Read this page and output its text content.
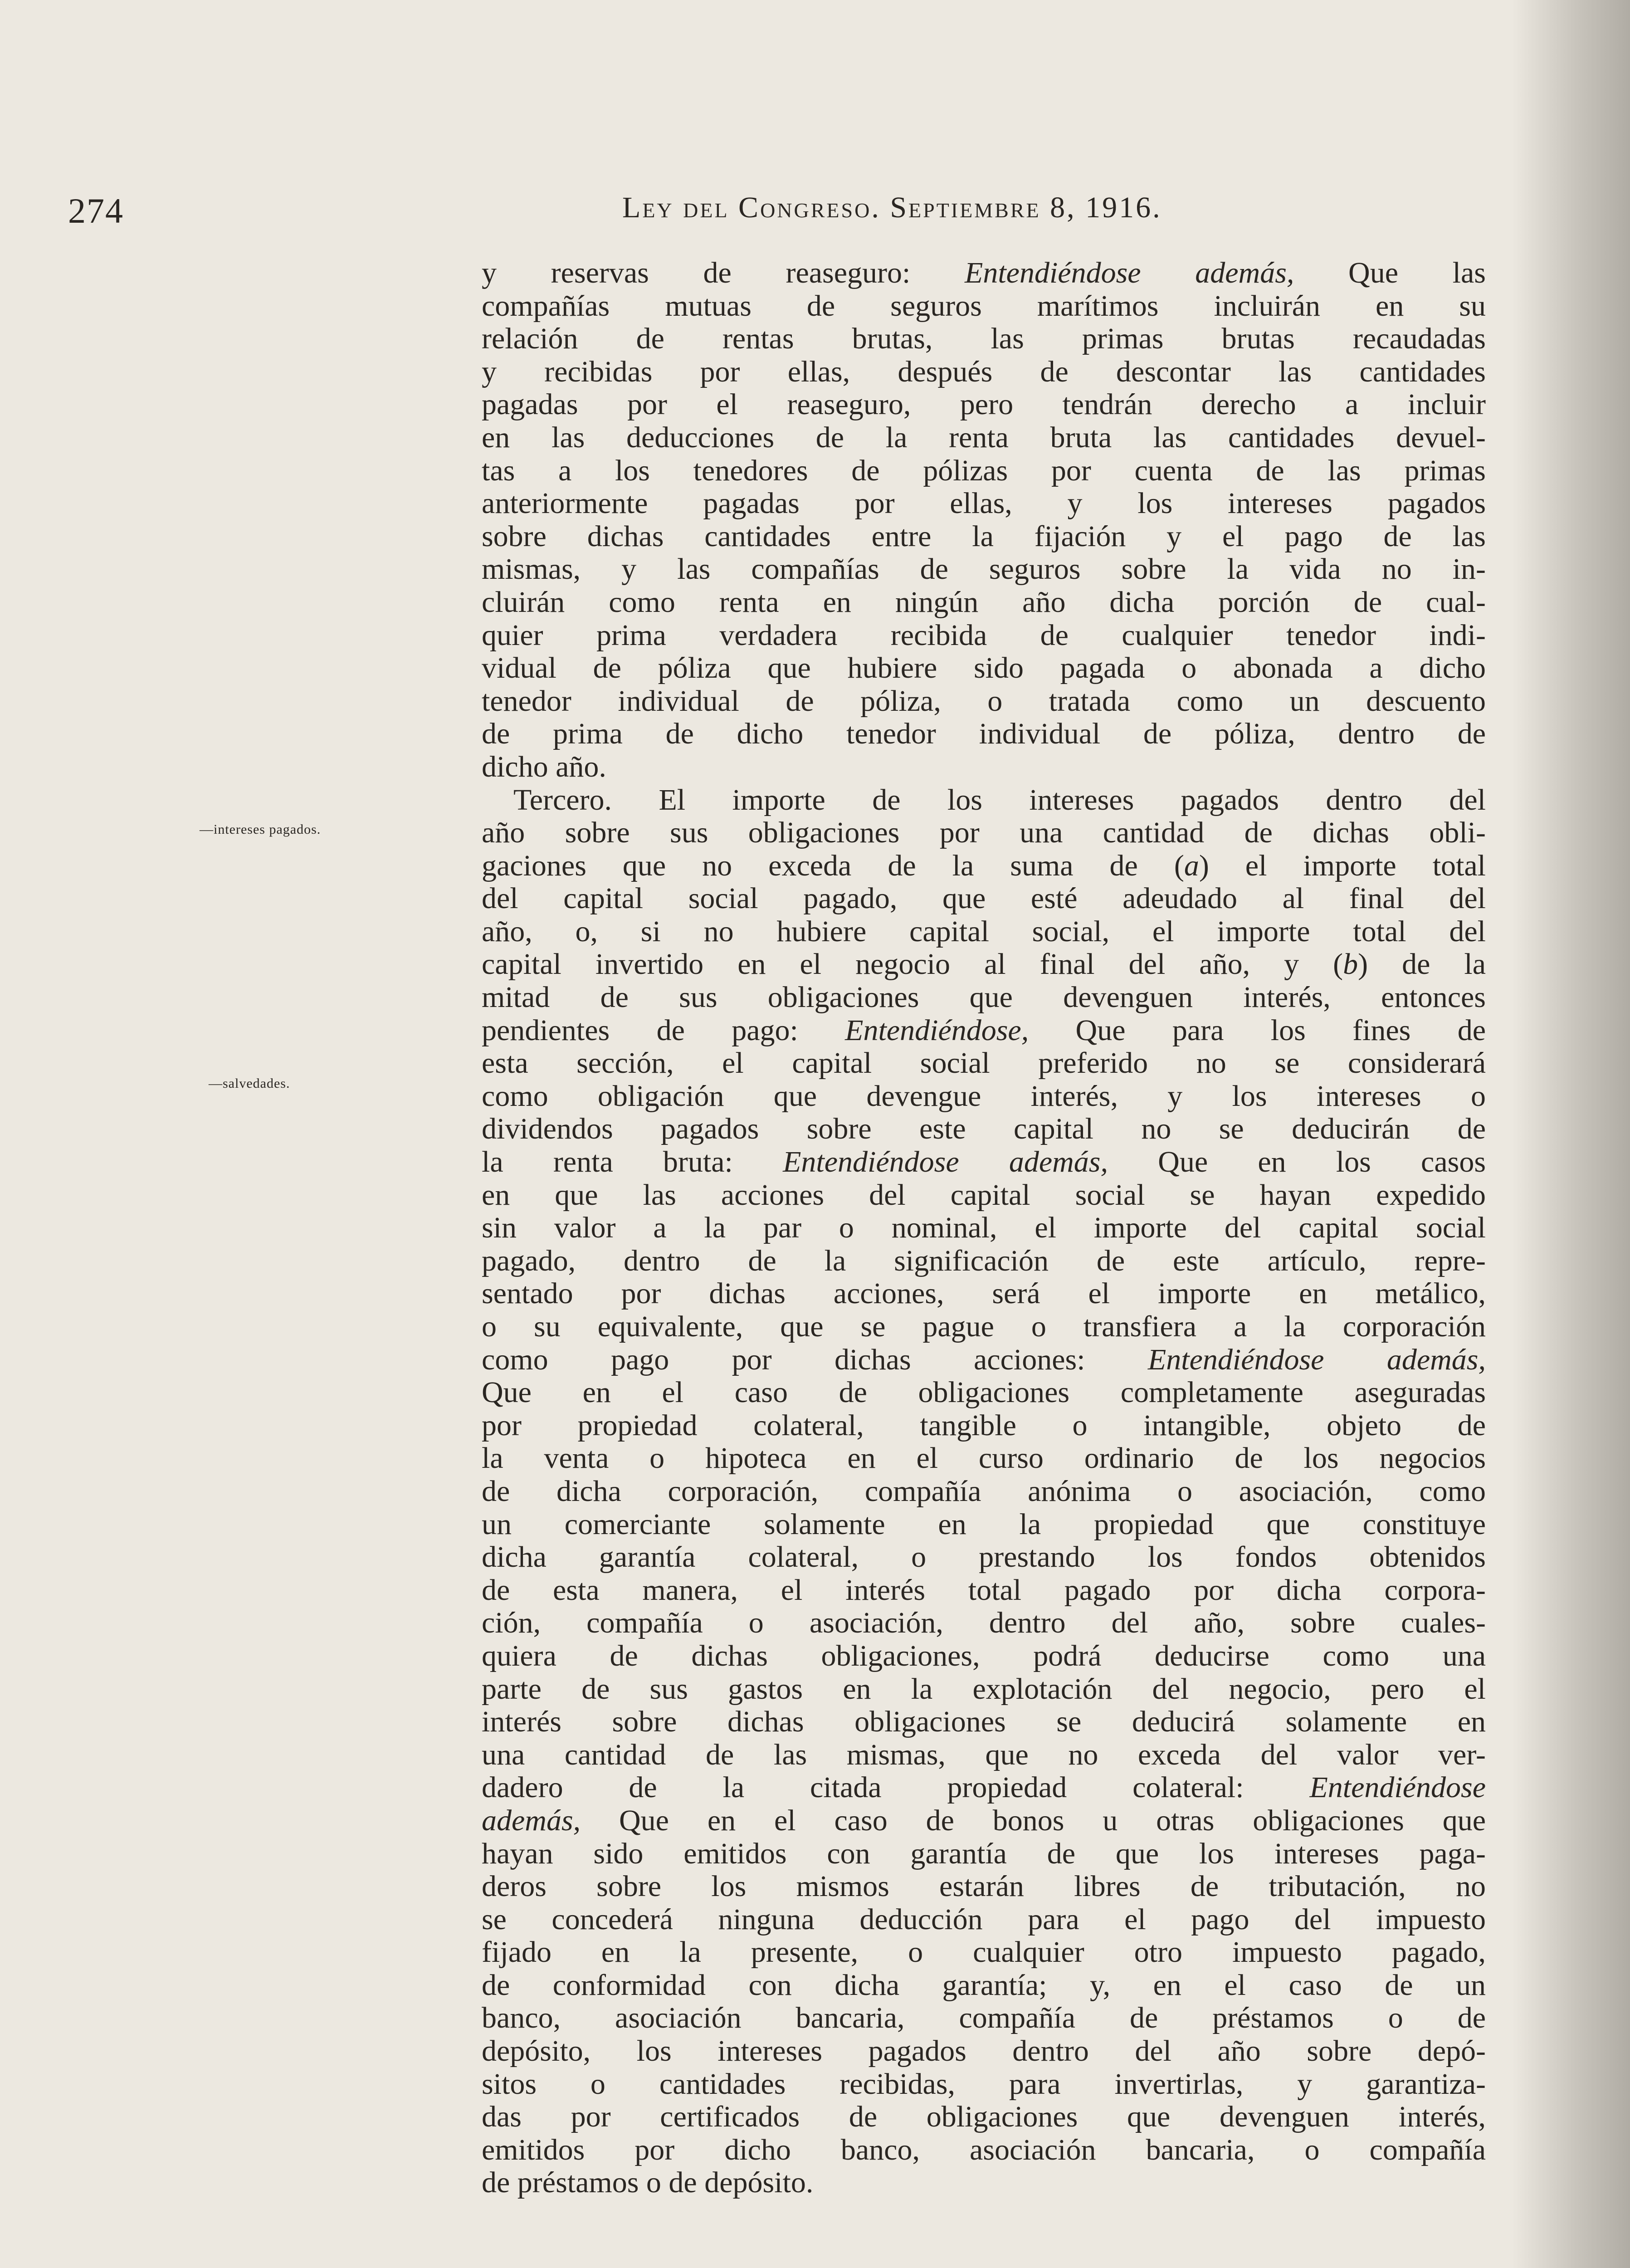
274	Ley del Congreso. Septiembre 8, 1916.
—intereses pagados.
—salvedades.

y reservas de reaseguro: Entendiéndose además, Que las

compañías mutuas de seguros marítimos incluirán en su

relación de rentas brutas, las primas brutas recaudadas

y recibidas por ellas, después de descontar las cantidades

pagadas por el reaseguro, pero tendrán derecho a incluir

en las deducciones de la renta bruta las cantidades devuel-

tas a los tenedores de pólizas por cuenta de las primas

anteriormente pagadas por ellas, y los intereses pagados

sobre dichas cantidades entre la fijación y el pago de las

mismas, y las compañías de seguros sobre la vida no in-

cluirán como renta en ningún año dicha porción de cual-

quier prima verdadera recibida de cualquier tenedor indi-

vidual de póliza que hubiere sido pagada o abonada a dicho

tenedor individual de póliza, o tratada como un descuento

de prima de dicho tenedor individual de póliza, dentro de

dicho año.

Tercero. El importe de los intereses pagados dentro del

año sobre sus obligaciones por una cantidad de dichas obli-

gaciones que no exceda de la suma de (a) el importe total

del capital social pagado, que esté adeudado al final del

año, o, si no hubiere capital social, el importe total del

capital invertido en el negocio al final del año, y (b) de la

mitad de sus obligaciones que devenguen interés, entonces

pendientes de pago: Entendiéndose, Que para los fines de

esta sección, el capital social preferido no se considerará

como obligación que devengue interés, y los intereses o

dividendos pagados sobre este capital no se deducirán de

la renta bruta: Entendiéndose además, Que en los casos

en que las acciones del capital social se hayan expedido

sin valor a la par o nominal, el importe del capital social

pagado, dentro de la significación de este artículo, repre-

sentado por dichas acciones, será el importe en metálico,

o su equivalente, que se pague o transfiera a la corporación

como pago por dichas acciones: Entendiéndose además,

Que en el caso de obligaciones completamente aseguradas

por propiedad colateral, tangible o intangible, objeto de

la venta o hipoteca en el curso ordinario de los negocios

de dicha corporación, compañía anónima o asociación, como

un comerciante solamente en la propiedad que constituye

dicha garantía colateral, o prestando los fondos obtenidos

de esta manera, el interés total pagado por dicha corpora-

ción, compañía o asociación, dentro del año, sobre cuales-

quiera de dichas obligaciones, podrá deducirse como una

parte de sus gastos en la explotación del negocio, pero el

interés sobre dichas obligaciones se deducirá solamente en

una cantidad de las mismas, que no exceda del valor ver-

dadero de la citada propiedad colateral: Entendiéndose

además, Que en el caso de bonos u otras obligaciones que

hayan sido emitidos con garantía de que los intereses paga-

deros sobre los mismos estarán libres de tributación, no

se concederá ninguna deducción para el pago del impuesto

fijado en la presente, o cualquier otro impuesto pagado,

de conformidad con dicha garantía; y, en el caso de un

banco, asociación bancaria, compañía de préstamos o de

depósito, los intereses pagados dentro del año sobre depó-

sitos o cantidades recibidas, para invertirlas, y garantiza-

das por certificados de obligaciones que devenguen interés,

emitidos por dicho banco, asociación bancaria, o compañía

de préstamos o de depósito.
